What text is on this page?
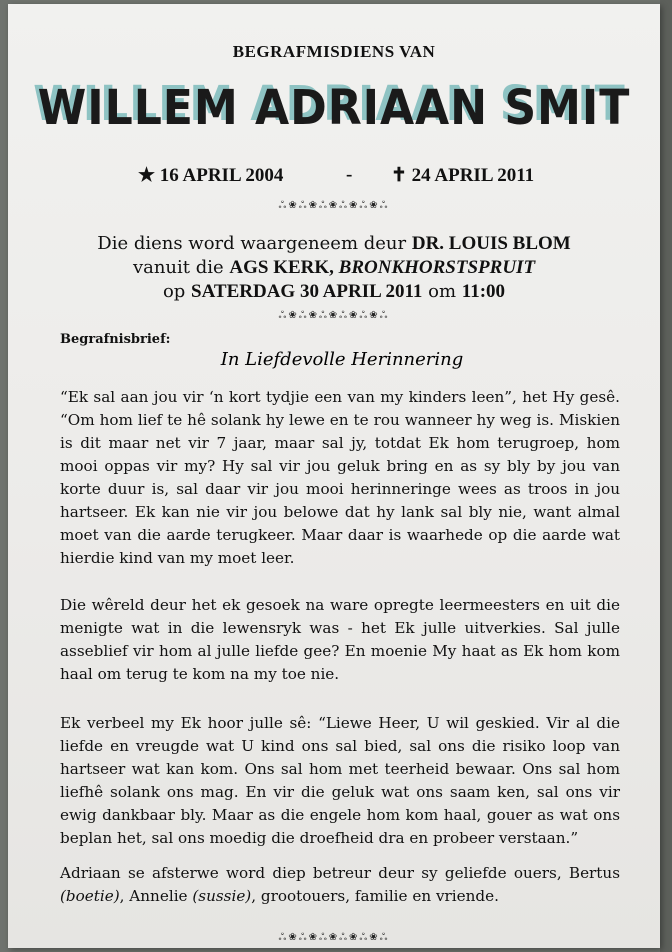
BEGRAFMISDIENS VAN
WILLEM ADRIAAN SMIT
★ 16 APRIL 2004	- ✝ 24 APRIL 2011
ஃ❀ஃ❀ஃ❀ஃ❀ஃ❀ஃ
Die diens word waargeneem deur DR. LOUIS BLOM
vanuit die AGS KERK, BRONKHORSTSPRUIT
op SATERDAG 30 APRIL 2011 om 11:00
ஃ❀ஃ❀ஃ❀ஃ❀ஃ❀ஃ
Begrafnisbrief:
In Liefdevolle Herinnering
“Ek sal aan jou vir ‘n kort tydjie een van my kinders leen”, het Hy gesê. “Om hom lief te hê solank hy lewe en te rou wanneer hy weg is. Miskien is dit maar net vir 7 jaar, maar sal jy, totdat Ek hom terugroep, hom mooi oppas vir my? Hy sal vir jou geluk bring en as sy bly by jou van korte duur is, sal daar vir jou mooi herinneringe wees as troos in jou hartseer. Ek kan nie vir jou belowe dat hy lank sal bly nie, want almal moet van die aarde terugkeer. Maar daar is waarhede op die aarde wat hierdie kind van my moet leer.
Die wêreld deur het ek gesoek na ware opregte leermeesters en uit die menigte wat in die lewensryk was - het Ek julle uitverkies. Sal julle asseblief vir hom al julle liefde gee? En moenie My haat as Ek hom kom haal om terug te kom na my toe nie.
Ek verbeel my Ek hoor julle sê: “Liewe Heer, U wil geskied. Vir al die liefde en vreugde wat U kind ons sal bied, sal ons die risiko loop van hartseer wat kan kom. Ons sal hom met teerheid bewaar. Ons sal hom liefhê solank ons mag. En vir die geluk wat ons saam ken, sal ons vir ewig dankbaar bly. Maar as die engele hom kom haal, gouer as wat ons beplan het, sal ons moedig die droefheid dra en probeer verstaan.”
Adriaan se afsterwe word diep betreur deur sy geliefde ouers, Bertus (boetie), Annelie (sussie), grootouers, familie en vriende.
ஃ❀ஃ❀ஃ❀ஃ❀ஃ❀ஃ
